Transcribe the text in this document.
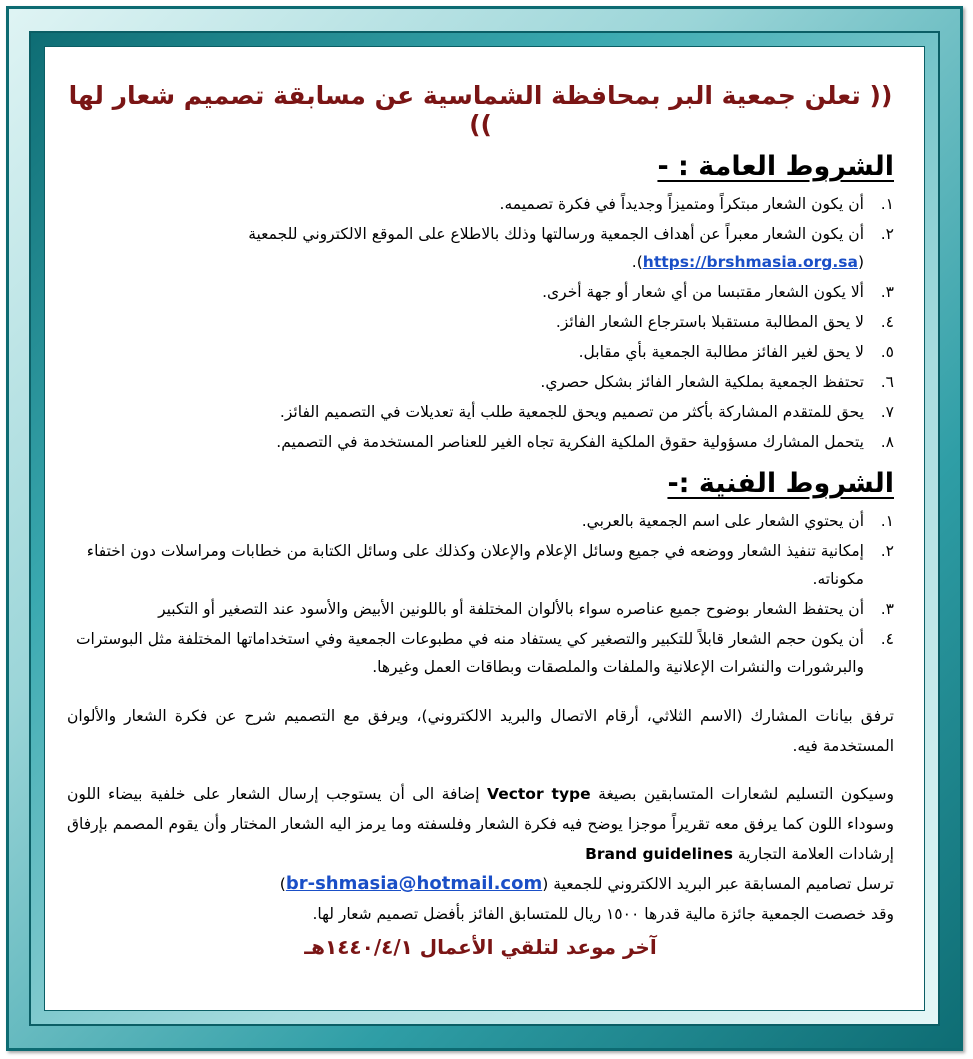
(( تعلن جمعية البر بمحافظة الشماسية عن مسابقة تصميم شعار لها ))
الشروط العامة : -
١.
أن يكون الشعار مبتكراً ومتميزاً وجديداً في فكرة تصميمه.
٢.
أن يكون الشعار معبراً عن أهداف الجمعية ورسالتها وذلك بالاطلاع على الموقع الالكتروني للجمعية
(https://brshmasia.org.sa).
٣.
ألا يكون الشعار مقتبسا من أي شعار أو جهة أخرى.
٤.
لا يحق المطالبة مستقبلا باسترجاع الشعار الفائز.
٥.
لا يحق لغير الفائز مطالبة الجمعية بأي مقابل.
٦.
تحتفظ الجمعية بملكية الشعار الفائز بشكل حصري.
٧.
يحق للمتقدم المشاركة بأكثر من تصميم ويحق للجمعية طلب أية تعديلات في التصميم الفائز.
٨.
يتحمل المشارك مسؤولية حقوق الملكية الفكرية تجاه الغير للعناصر المستخدمة في التصميم.
الشروط الفنية :-
١.
أن يحتوي الشعار على اسم الجمعية بالعربي.
٢.
إمكانية تنفيذ الشعار ووضعه في جميع وسائل الإعلام والإعلان وكذلك على وسائل الكتابة من خطابات ومراسلات دون اختفاء مكوناته.
٣.
أن يحتفظ الشعار بوضوح جميع عناصره سواء بالألوان المختلفة أو باللونين الأبيض والأسود عند التصغير أو التكبير
٤.
أن يكون حجم الشعار قابلاً للتكبير والتصغير كي يستفاد منه في مطبوعات الجمعية وفي استخداماتها المختلفة مثل البوسترات والبرشورات والنشرات الإعلانية والملفات والملصقات وبطاقات العمل وغيرها.

ترفق بيانات المشارك (الاسم الثلاثي، أرقام الاتصال والبريد الالكتروني)، ويرفق مع التصميم شرح عن فكرة الشعار والألوان المستخدمة فيه.

وسيكون التسليم لشعارات المتسابقين بصيغة Vector type إضافة الى أن يستوجب إرسال الشعار على خلفية بيضاء اللون وسوداء اللون كما يرفق معه تقريراً موجزا يوضح فيه فكرة الشعار وفلسفته وما يرمز اليه الشعار المختار وأن يقوم المصمم بإرفاق إرشادات العلامة التجارية Brand guidelines

ترسل تصاميم المسابقة عبر البريد الالكتروني للجمعية (br-shmasia@hotmail.com)

وقد خصصت الجمعية جائزة مالية قدرها ١٥٠٠ ريال للمتسابق الفائز بأفضل تصميم شعار لها.

آخر موعد لتلقي الأعمال ١٤٤٠/٤/١هـ
